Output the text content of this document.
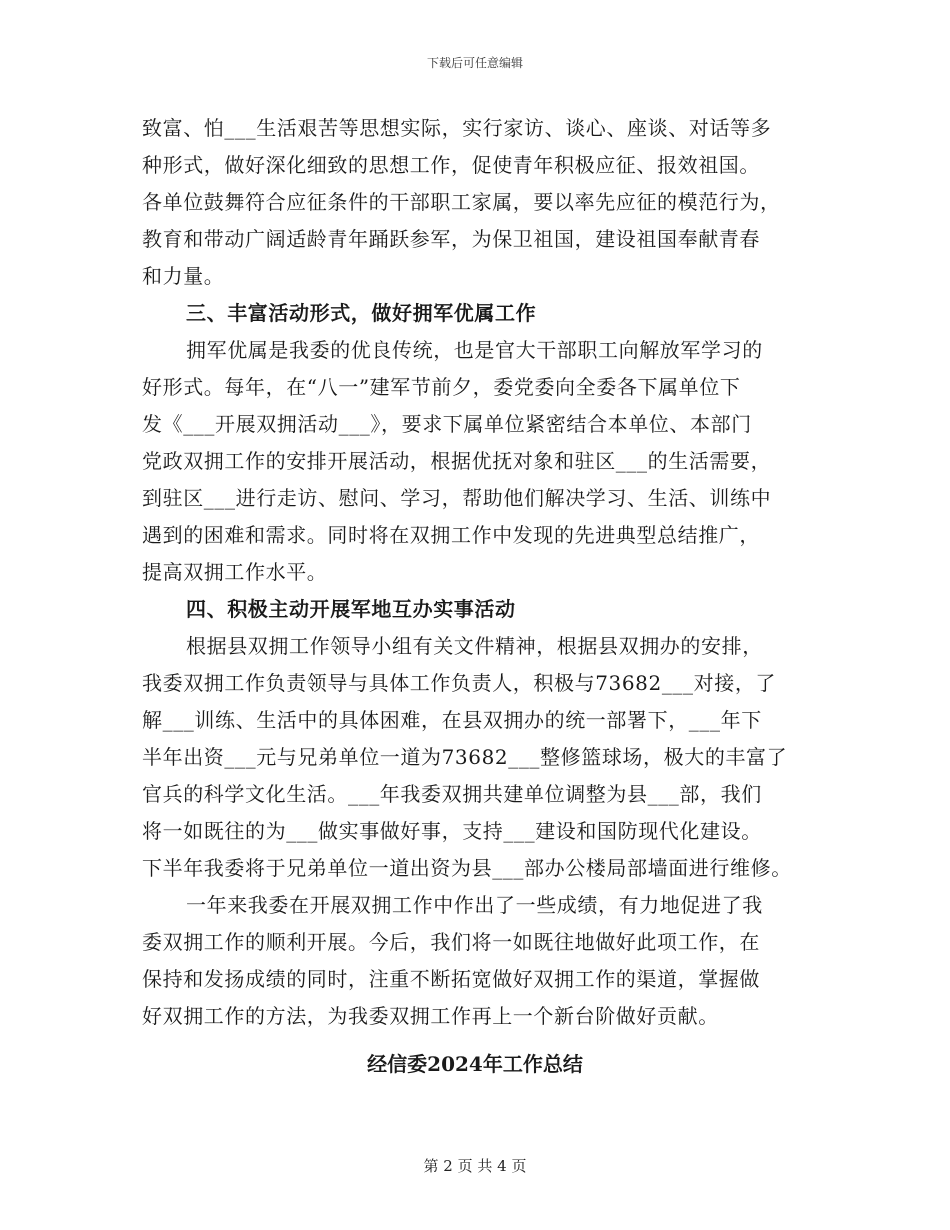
下载后可任意编辑
致富、怕___生活艰苦等思想实际，实行家访、谈心、座谈、对话等多
种形式，做好深化细致的思想工作，促使青年积极应征、报效祖国。
各单位鼓舞符合应征条件的干部职工家属，要以率先应征的模范行为，
教育和带动广阔适龄青年踊跃参军，为保卫祖国，建设祖国奉献青春
和力量。
三、丰富活动形式，做好拥军优属工作
拥军优属是我委的优良传统，也是官大干部职工向解放军学习的
好形式。每年，在“八一”建军节前夕，委党委向全委各下属单位下
发《___开展双拥活动___》，要求下属单位紧密结合本单位、本部门
党政双拥工作的安排开展活动，根据优抚对象和驻区___的生活需要，
到驻区___进行走访、慰问、学习，帮助他们解决学习、生活、训练中
遇到的困难和需求。同时将在双拥工作中发现的先进典型总结推广，
提高双拥工作水平。
四、积极主动开展军地互办实事活动
根据县双拥工作领导小组有关文件精神，根据县双拥办的安排，
我委双拥工作负责领导与具体工作负责人，积极与73682___对接，了
解___训练、生活中的具体困难，在县双拥办的统一部署下，___年下
半年出资___元与兄弟单位一道为73682___整修篮球场，极大的丰富了
官兵的科学文化生活。___年我委双拥共建单位调整为县___部，我们
将一如既往的为___做实事做好事，支持___建设和国防现代化建设。
下半年我委将于兄弟单位一道出资为县___部办公楼局部墙面进行维修。
一年来我委在开展双拥工作中作出了一些成绩，有力地促进了我
委双拥工作的顺利开展。今后，我们将一如既往地做好此项工作，在
保持和发扬成绩的同时，注重不断拓宽做好双拥工作的渠道，掌握做
好双拥工作的方法，为我委双拥工作再上一个新台阶做好贡献。
经信委2024年工作总结
第 2 页 共 4 页
